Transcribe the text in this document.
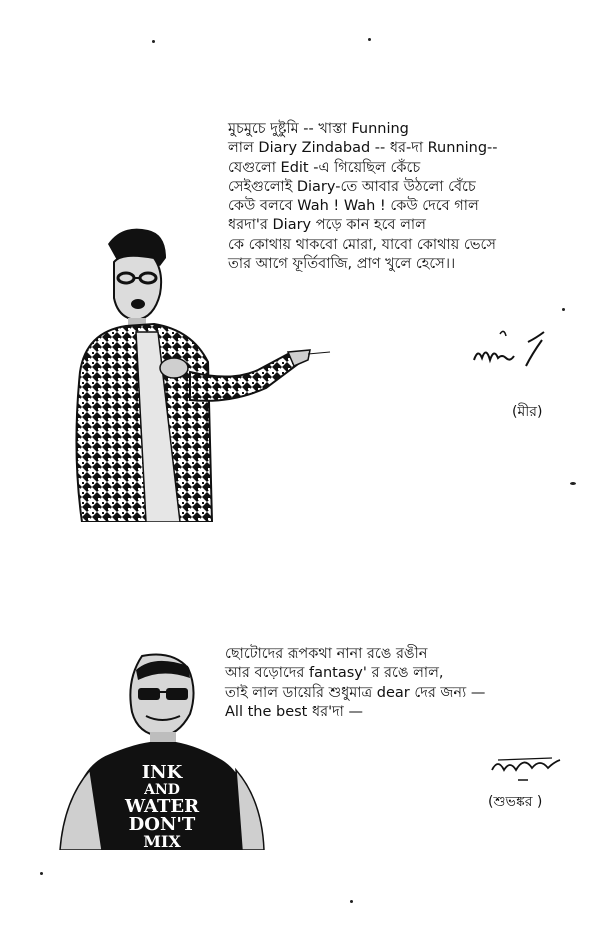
মুচমুচে দুষ্টুমি -- খাস্তা Funning
লাল Diary Zindabad -- ধর-দা Running--
যেগুলো Edit -এ গিয়েছিল কেঁচে
সেইগুলোই Diary-তে আবার উঠলো বেঁচে
কেউ বলবে Wah ! Wah ! কেউ দেবে গাল
ধরদা'র Diary পড়ে কান হবে লাল
কে কোথায় থাকবো মোরা, যাবো কোথায় ভেসে
তার আগে ফূর্তিবাজি, প্রাণ খুলে হেসে।।
(মীর)
INK
AND
WATER
DON'T
MIX
ছোটোদের রূপকথা নানা রঙে রঙীন
আর বড়োদের fantasy' র রঙে লাল,
তাই লাল ডায়েরি শুধুমাত্র dear দের জন্য —
All the best ধর'দা —
(শুভঙ্কর )
